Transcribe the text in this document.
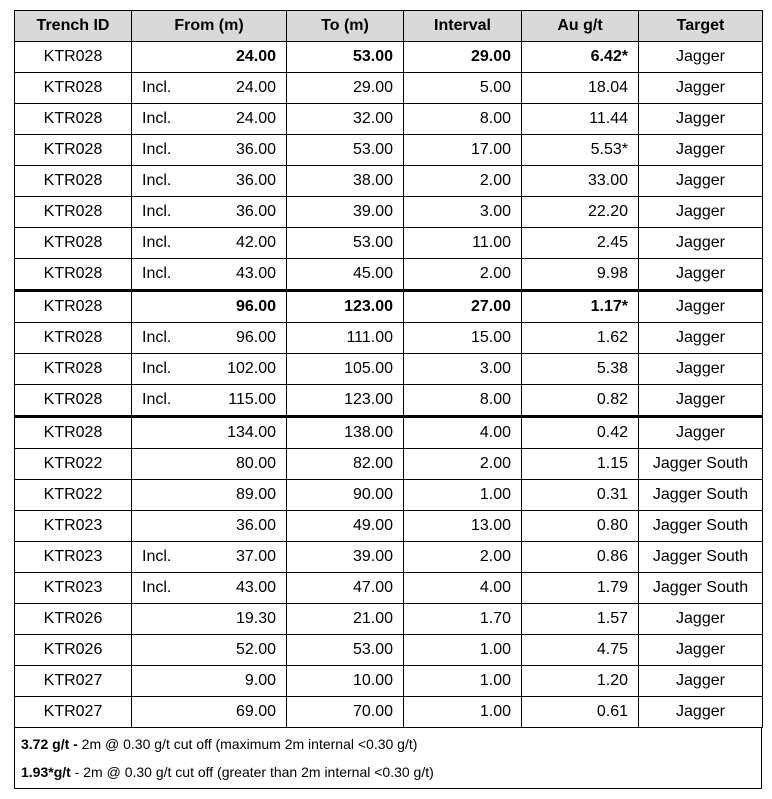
Trench ID	From (m)	To (m)	Interval	Au g/t	Target
KTR028	24.00	53.00	29.00	6.42*	Jagger
KTR028	Incl. 24.00	29.00	5.00	18.04	Jagger
KTR028	Incl. 24.00	32.00	8.00	11.44	Jagger
KTR028	Incl. 36.00	53.00	17.00	5.53*	Jagger
KTR028	Incl. 36.00	38.00	2.00	33.00	Jagger
KTR028	Incl. 36.00	39.00	3.00	22.20	Jagger
KTR028	Incl. 42.00	53.00	11.00	2.45	Jagger
KTR028	Incl. 43.00	45.00	2.00	9.98	Jagger
KTR028	96.00	123.00	27.00	1.17*	Jagger
KTR028	Incl. 96.00	111.00	15.00	1.62	Jagger
KTR028	Incl. 102.00	105.00	3.00	5.38	Jagger
KTR028	Incl. 115.00	123.00	8.00	0.82	Jagger
KTR028	134.00	138.00	4.00	0.42	Jagger
KTR022	80.00	82.00	2.00	1.15	Jagger South
KTR022	89.00	90.00	1.00	0.31	Jagger South
KTR023	36.00	49.00	13.00	0.80	Jagger South
KTR023	Incl. 37.00	39.00	2.00	0.86	Jagger South
KTR023	Incl. 43.00	47.00	4.00	1.79	Jagger South
KTR026	19.30	21.00	1.70	1.57	Jagger
KTR026	52.00	53.00	1.00	4.75	Jagger
KTR027	9.00	10.00	1.00	1.20	Jagger
KTR027	69.00	70.00	1.00	0.61	Jagger
3.72 g/t - 2m @ 0.30 g/t cut off (maximum 2m internal <0.30 g/t)
1.93*g/t - 2m @ 0.30 g/t cut off (greater than 2m internal <0.30 g/t)
